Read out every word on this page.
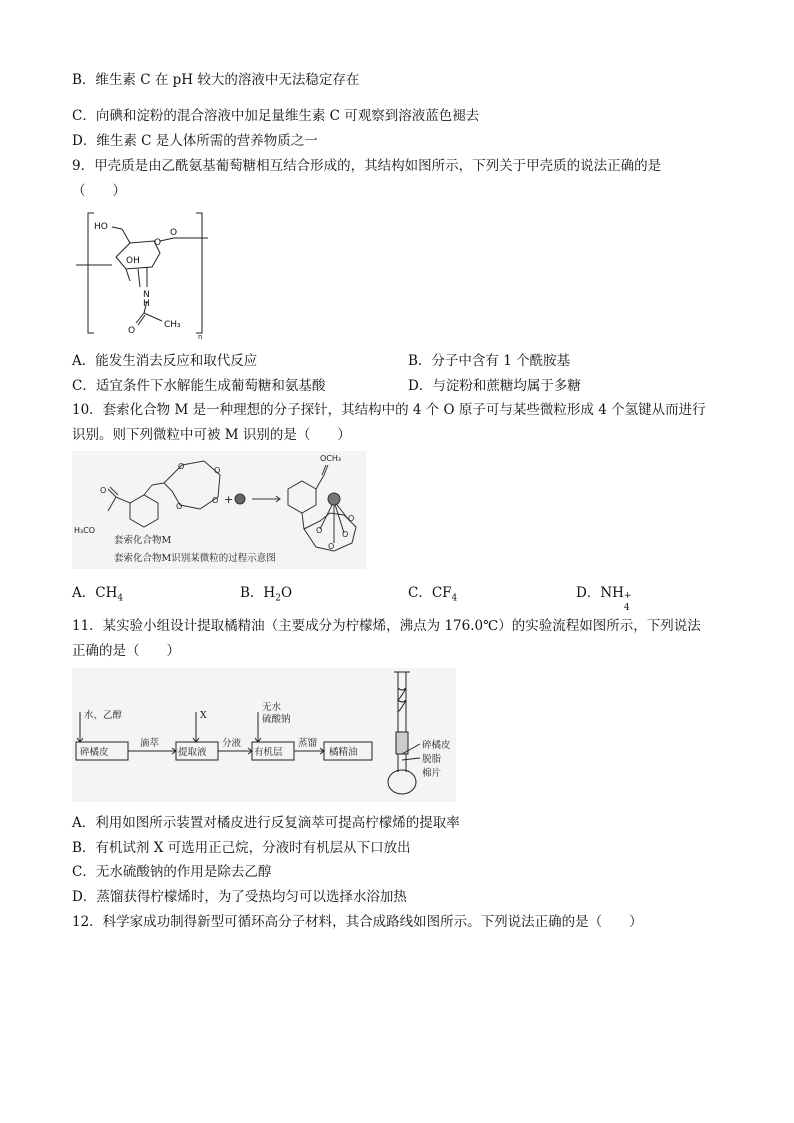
B．维生素 C 在 pH 较大的溶液中无法稳定存在
C．向碘和淀粉的混合溶液中加足量维生素 C 可观察到溶液蓝色褪去
D．维生素 C 是人体所需的营养物质之一
9．甲壳质是由乙酰氨基葡萄糖相互结合形成的，其结构如图所示，下列关于甲壳质的说法正确的是
（　　）
HO
OH
O
O
N
H
O
CH₃
n
A．能发生消去反应和取代反应	B．分子中含有 1 个酰胺基
C．适宜条件下水解能生成葡萄糖和氨基酸	D．与淀粉和蔗糖均属于多糖
10．套索化合物 M 是一种理想的分子探针，其结构中的 4 个 O 原子可与某些微粒形成 4 个氢键从而进行
识别。则下列微粒中可被 M 识别的是（　　）
H₃CO
OCH₃
O
O	O
O
O
+
O O
O
O
套索化合物M
套索化合物M识别某微粒的过程示意图
A．$CH_4$	B．$H_2O$	C．$CF_4$	D．NH +
4
11．某实验小组设计提取橘精油（主要成分为柠檬烯，沸点为 176.0℃）的实验流程如图所示，下列说法
正确的是（　　）
水、乙醇	X
无水
硫酸钠
碎橘皮
滴萃
提取液
分液
有机层
蒸馏
橘精油
碎橘皮
脱脂
棉片
A．利用如图所示装置对橘皮进行反复滴萃可提高柠檬烯的提取率
B．有机试剂 X 可选用正己烷，分液时有机层从下口放出
C．无水硫酸钠的作用是除去乙醇
D．蒸馏获得柠檬烯时，为了受热均匀可以选择水浴加热
12．科学家成功制得新型可循环高分子材料，其合成路线如图所示。下列说法正确的是（　　）
